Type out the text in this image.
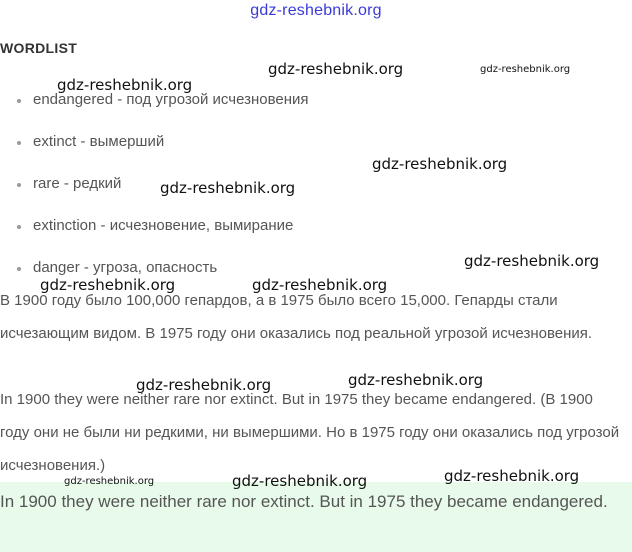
gdz-reshebnik.org
WORDLIST
endangered - под угрозой исчезновения
extinct - вымерший
rare - редкий
extinction - исчезновение, вымирание
danger - угроза, опасность
В 1900 году было 100,000 гепардов, а в 1975 было всего 15,000. Гепарды стали исчезающим видом. В 1975 году они оказались под реальной угрозой исчезновения.
In 1900 they were neither rare nor extinct. But in 1975 they became endangered. (В 1900 году они не были ни редкими, ни вымершими. Но в 1975 году они оказались под угрозой исчезновения.)
In 1900 they were neither rare nor extinct. But in 1975 they became endangered.
gdz-reshebnik.org
gdz-reshebnik.org	gdz-reshebnik.org
gdz-reshebnik.org
gdz-reshebnik.org
gdz-reshebnik.org
gdz-reshebnik.org	gdz-reshebnik.org
gdz-reshebnik.org	gdz-reshebnik.org
gdz-reshebnik.org	gdz-reshebnik.org	gdz-reshebnik.org
